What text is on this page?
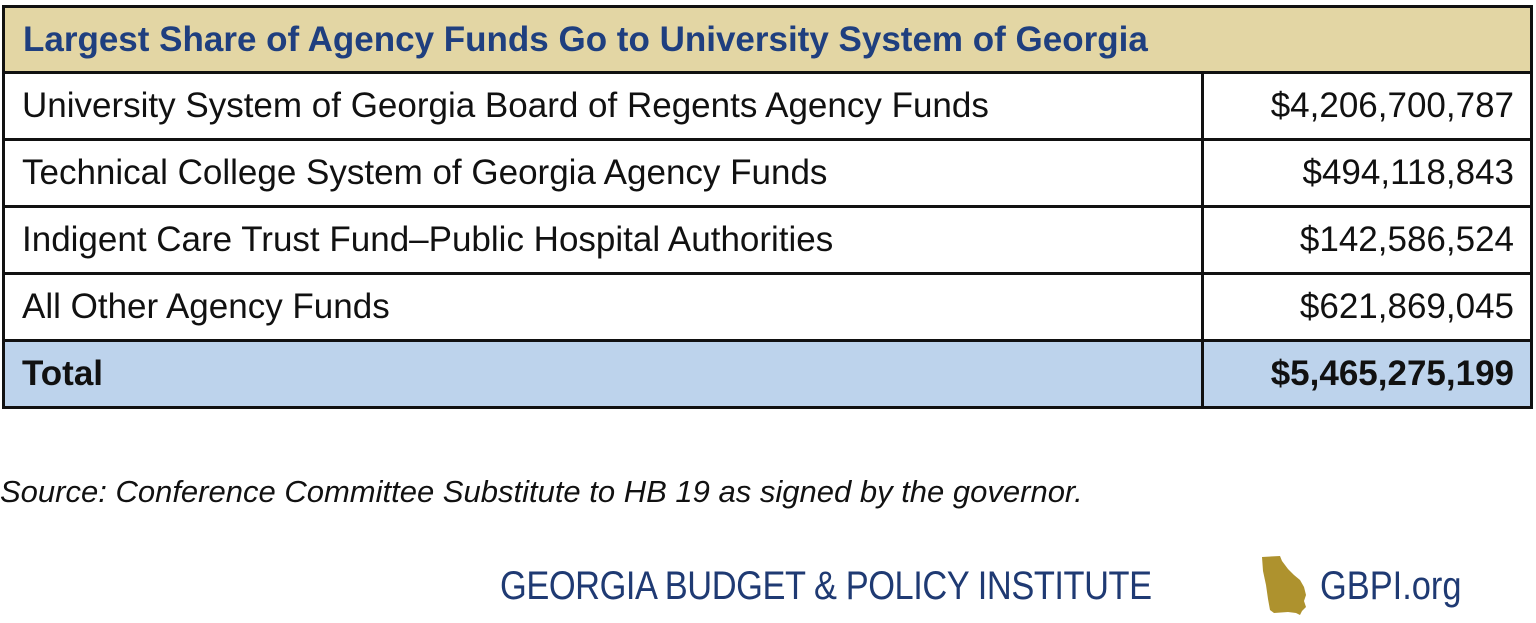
Largest Share of Agency Funds Go to University System of Georgia	
University System of Georgia Board of Regents Agency Funds	$4,206,700,787
Technical College System of Georgia Agency Funds	$494,118,843
Indigent Care Trust Fund–Public Hospital Authorities	$142,586,524
All Other Agency Funds	$621,869,045
Total	$5,465,275,199
Source: Conference Committee Substitute to HB 19 as signed by the governor.
GEORGIA BUDGET & POLICY INSTITUTE	GBPI.org
